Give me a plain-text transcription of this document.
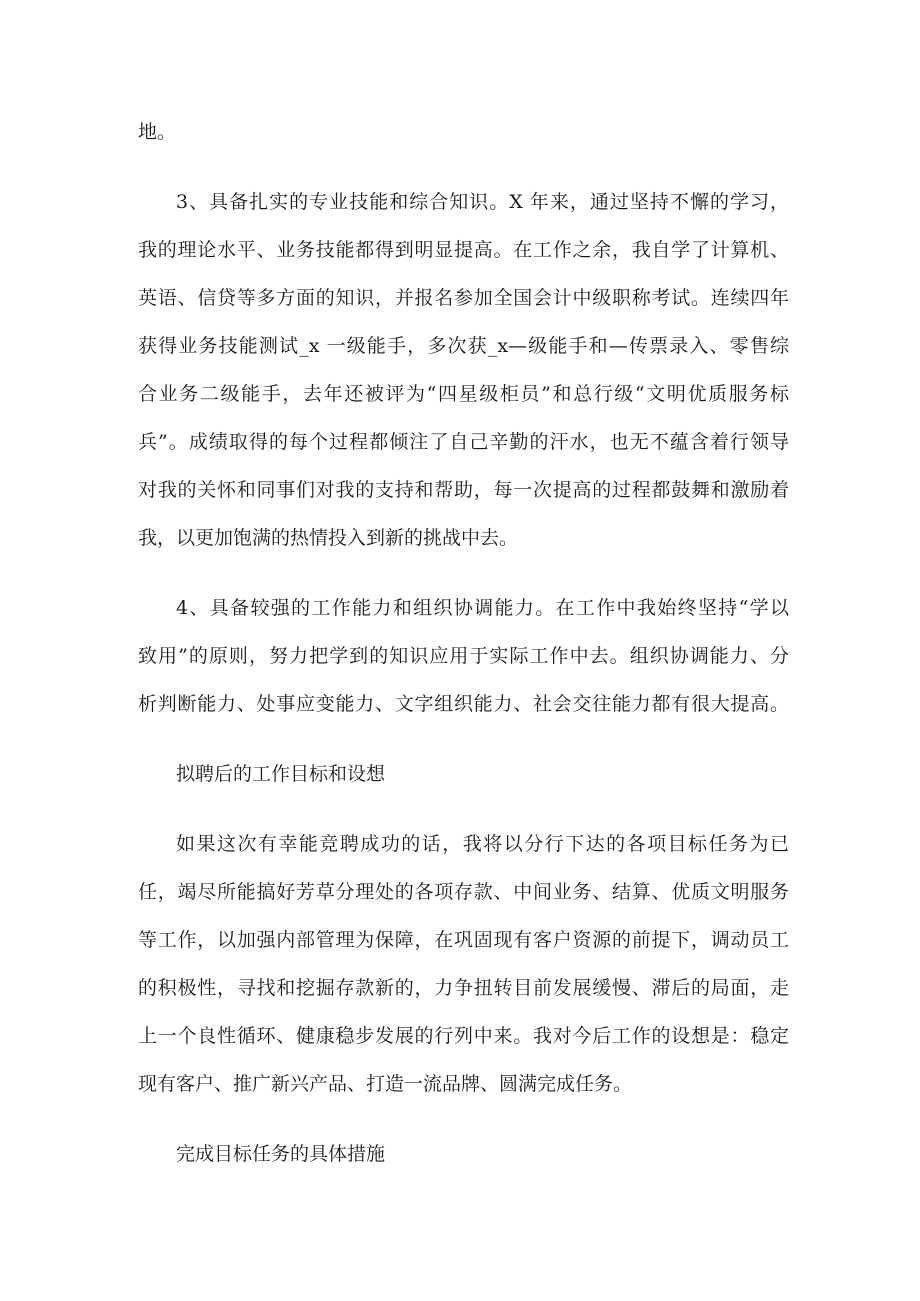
地。
3、具备扎实的专业技能和综合知识。X 年来，通过坚持不懈的学习，
我的理论水平、业务技能都得到明显提高。在工作之余，我自学了计算机、
英语、信贷等多方面的知识，并报名参加全国会计中级职称考试。连续四年
获得业务技能测试_x 一级能手，多次获_x—级能手和—传票录入、零售综
合业务二级能手，去年还被评为“四星级柜员”和总行级“文明优质服务标
兵”。成绩取得的每个过程都倾注了自己辛勤的汗水，也无不蕴含着行领导
对我的关怀和同事们对我的支持和帮助，每一次提高的过程都鼓舞和激励着
我，以更加饱满的热情投入到新的挑战中去。
4、具备较强的工作能力和组织协调能力。在工作中我始终坚持“学以
致用”的原则，努力把学到的知识应用于实际工作中去。组织协调能力、分
析判断能力、处事应变能力、文字组织能力、社会交往能力都有很大提高。
拟聘后的工作目标和设想
如果这次有幸能竞聘成功的话，我将以分行下达的各项目标任务为已
任，竭尽所能搞好芳草分理处的各项存款、中间业务、结算、优质文明服务
等工作，以加强内部管理为保障，在巩固现有客户资源的前提下，调动员工
的积极性，寻找和挖掘存款新的，力争扭转目前发展缓慢、滞后的局面，走
上一个良性循环、健康稳步发展的行列中来。我对今后工作的设想是：稳定
现有客户、推广新兴产品、打造一流品牌、圆满完成任务。
完成目标任务的具体措施
